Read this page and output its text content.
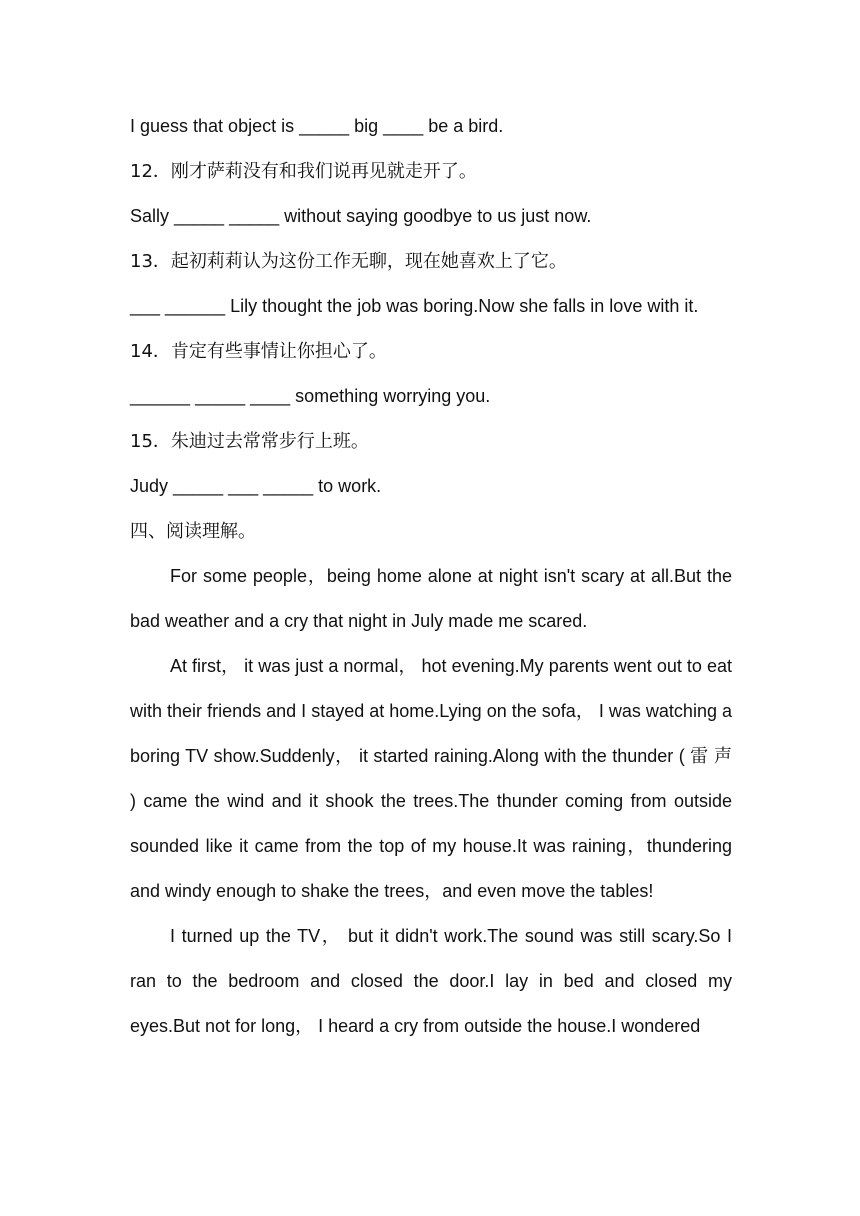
I guess that object is _____ big ____ be a bird.
12．刚才萨莉没有和我们说再见就走开了。
Sally _____ _____ without saying goodbye to us just now.
13．起初莉莉认为这份工作无聊，现在她喜欢上了它。
___ ______ Lily thought the job was boring.Now she falls in love with it.
14．肯定有些事情让你担心了。
______ _____ ____ something worrying you.
15．朱迪过去常常步行上班。
Judy _____ ___ _____ to work.
四、阅读理解。

For some people，being home alone at night isn't scary at all.But the bad weather and a cry that night in July made me scared.

At first， it was just a normal， hot evening.My parents went out to eat with their friends and I stayed at home.Lying on the sofa， I was watching a boring TV show.Suddenly， it started raining.Along with the thunder ( 雷 声 ) came the wind and it shook the trees.The thunder coming from outside sounded like it came from the top of my house.It was raining，thundering and windy enough to shake the trees，and even move the tables!

I turned up the TV， but it didn't work.The sound was still scary.So I ran to the bedroom and closed the door.I lay in bed and closed my eyes.But not for long， I heard a cry from outside the house.I wondered
